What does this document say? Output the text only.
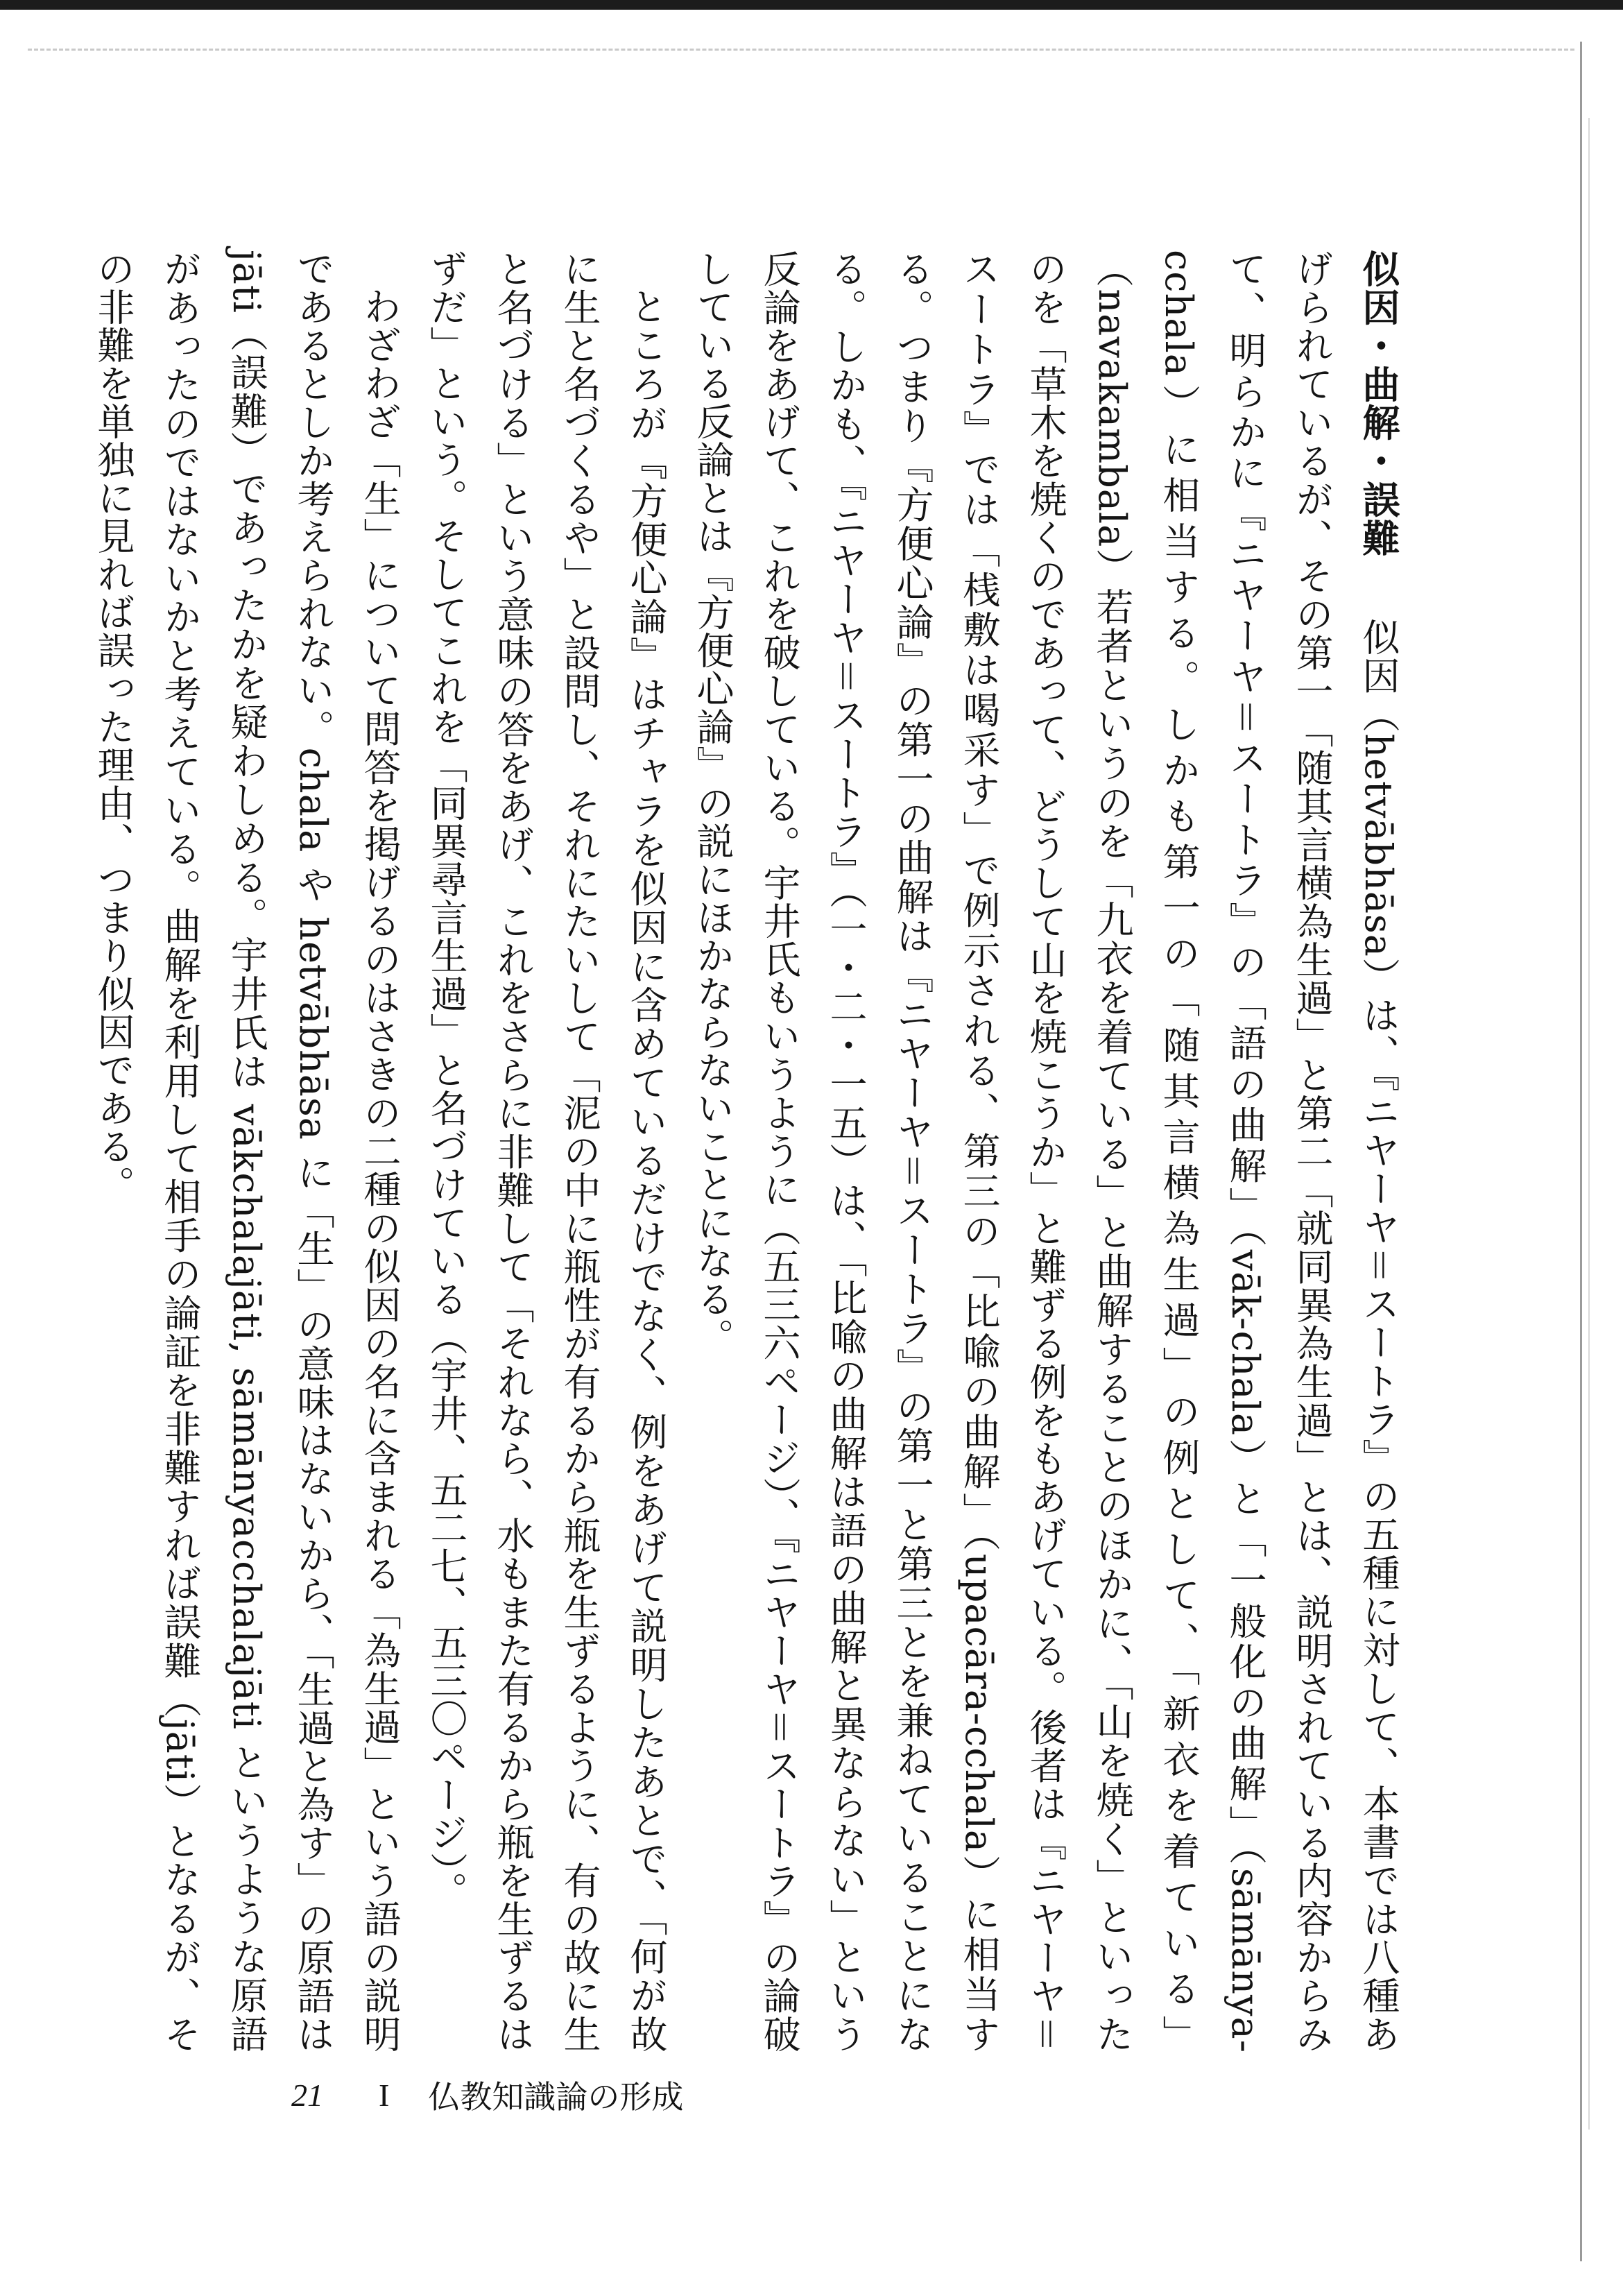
似因・曲解・誤難　似因（hetvābhāsa）は、『ニヤーヤ＝スートラ』の五種に対して、本書では八種あげられているが、その第一「随其言横為生過」と第二「就同異為生過」とは、説明されている内容からみて、明らかに『ニヤーヤ＝スートラ』の「語の曲解」（vāk-chala）と「一般化の曲解」（sāmānya-cchala）に相当する。しかも第一の「随其言横為生過」の例として、「新衣を着ている」（navakambala）若者というのを「九衣を着ている」と曲解することのほかに、「山を焼く」といったのを「草木を焼くのであって、どうして山を焼こうか」と難ずる例をもあげている。後者は『ニヤーヤ＝スートラ』では「桟敷は喝采す」で例示される、第三の「比喩の曲解」（upacāra-cchala）に相当する。つまり『方便心論』の第一の曲解は『ニヤーヤ＝スートラ』の第一と第三とを兼ねていることになる。しかも、『ニヤーヤ＝スートラ』（一・二・一五）は、「比喩の曲解は語の曲解と異ならない」という反論をあげて、これを破している。宇井氏もいうように（五三六ページ）、『ニヤーヤ＝スートラ』の論破している反論とは『方便心論』の説にほかならないことになる。

ところが『方便心論』はチャラを似因に含めているだけでなく、例をあげて説明したあとで、「何が故に生と名づくるや」と設問し、それにたいして「泥の中に瓶性が有るから瓶を生ずるように、有の故に生と名づける」という意味の答をあげ、これをさらに非難して「それなら、水もまた有るから瓶を生ずるはずだ」という。そしてこれを「同異尋言生過」と名づけている（宇井、五二七、五三〇ページ）。

わざわざ「生」について問答を掲げるのはさきの二種の似因の名に含まれる「為生過」という語の説明であるとしか考えられない。chala や hetvābhāsa に「生」の意味はないから、「生過と為す」の原語は jāti（誤難）であったかを疑わしめる。宇井氏は vākchalajāti, sāmānyacchalajāti というような原語があったのではないかと考えている。曲解を利用して相手の論証を非難すれば誤難（jāti）となるが、その非難を単独に見れば誤った理由、つまり似因である。

21 I 仏教知識論の形成
